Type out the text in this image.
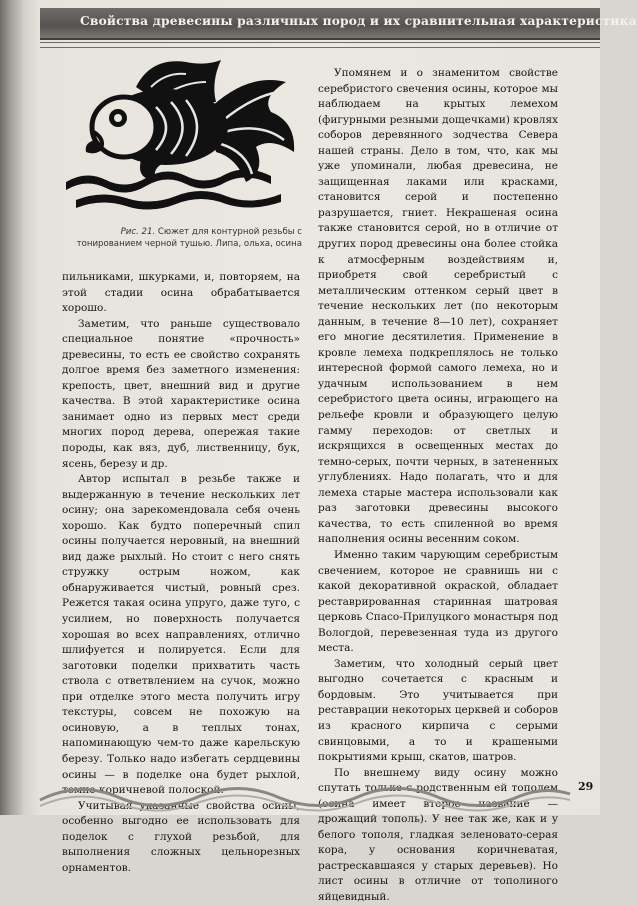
Свойства древесины различных пород и их сравнительная характеристика
Рис. 21. Сюжет для контурной резьбы с тонированием черной тушью. Липа, ольха, осина

пильниками, шкурками, и, повторяем, на этой стадии осина обрабатывается хорошо.

Заметим, что раньше существовало специальное понятие «прочность» древесины, то есть ее свойство сохранять долгое время без заметного изменения: крепость, цвет, внешний вид и другие качества. В этой характеристике осина занимает одно из первых мест среди многих пород дерева, опережая такие породы, как вяз, дуб, лиственницу, бук, ясень, березу и др.

Автор испытал в резьбе также и выдержанную в течение нескольких лет осину; она зарекомендовала себя очень хорошо. Как будто поперечный спил осины получается неровный, на внешний вид даже рыхлый. Но стоит с него снять стружку острым ножом, как обнаруживается чистый, ровный срез. Режется такая осина упруго, даже туго, с усилием, но поверхность получается хорошая во всех направлениях, отлично шлифуется и полируется. Если для заготовки поделки прихватить часть ствола с ответвлением на сучок, можно при отделке этого места получить игру текстуры, совсем не похожую на осиновую, а в теплых тонах, напоминающую чем-то даже карельскую березу. Только надо избегать сердцевины осины — в поделке она будет рыхлой, темно-коричневой полоской.

Учитывая указанные свойства осины, особенно выгодно ее использовать для поделок с глухой резьбой, для выполнения сложных цельнорезных орнаментов.

Упомянем и о знаменитом свойстве серебристого свечения осины, которое мы наблюдаем на крытых лемехом (фигурными резными дощечками) кровлях соборов деревянного зодчества Севера нашей страны. Дело в том, что, как мы уже упоминали, любая древесина, не защищенная лаками или красками, становится серой и постепенно разрушается, гниет. Некрашеная осина также становится серой, но в отличие от других пород древесины она более стойка к атмосферным воздействиям и, приобретя свой серебристый с металлическим оттенком серый цвет в течение нескольких лет (по некоторым данным, в течение 8—10 лет), сохраняет его многие десятилетия. Применение в кровле лемеха подкреплялось не только интересной формой самого лемеха, но и удачным использованием в нем серебристого цвета осины, играющего на рельефе кровли и образующего целую гамму переходов: от светлых и искрящихся в освещенных местах до темно-серых, почти черных, в затененных углублениях. Надо полагать, что и для лемеха старые мастера использовали как раз заготовки древесины высокого качества, то есть спиленной во время наполнения осины весенним соком.

Именно таким чарующим серебристым свечением, которое не сравнишь ни с какой декоративной окраской, обладает реставрированная старинная шатровая церковь Спасо-Прилуцкого монастыря под Вологдой, перевезенная туда из другого места.

Заметим, что холодный серый цвет выгодно сочетается с красным и бордовым. Это учитывается при реставрации некоторых церквей и соборов из красного кирпича с серыми свинцовыми, а то и крашеными покрытиями крыш, скатов, шатров.

По внешнему виду осину можно спутать только с родственным ей тополем (осина имеет второе название — дрожащий тополь). У нее так же, как и у белого тополя, гладкая зеленовато-серая кора, у основания коричневатая, растрескавшаяся у старых деревьев). Но лист осины в отличие от тополиного яйцевидный.

29
